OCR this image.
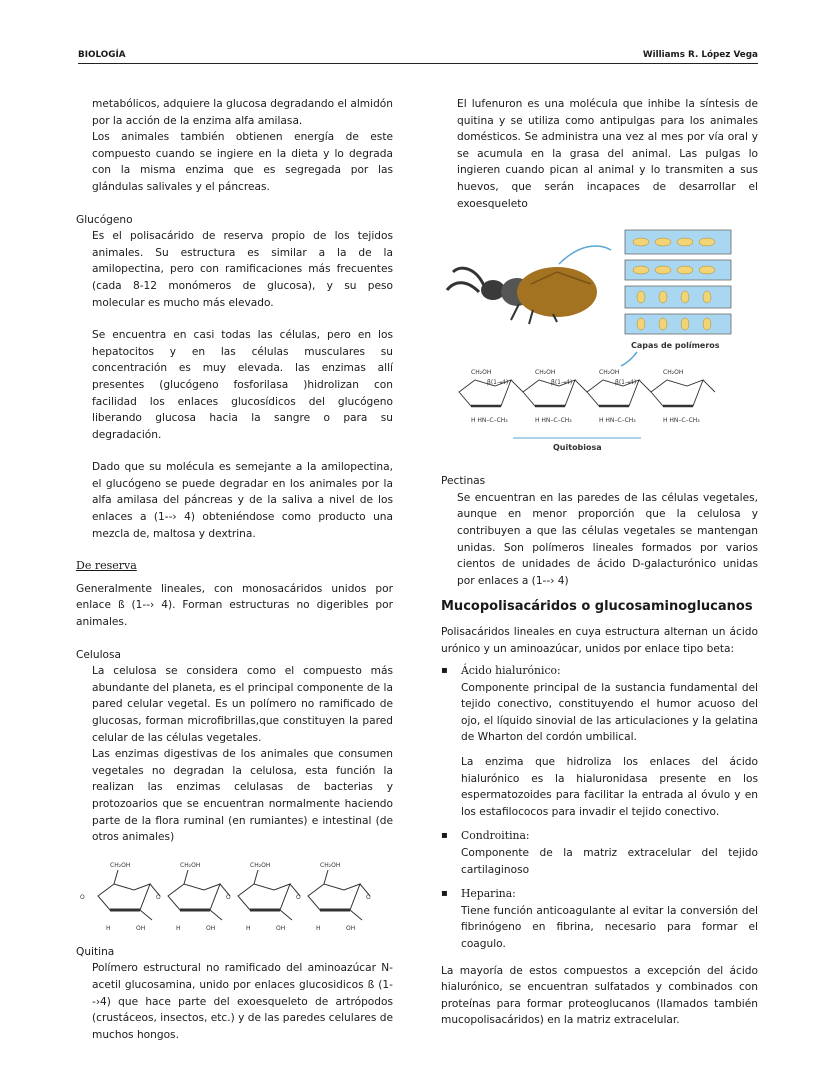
BIOLOGÍA	Williams R. López Vega

metabólicos, adquiere la glucosa degradando el almidón por la acción de la enzima alfa amilasa.

Los animales también obtienen energía de este compuesto cuando se ingiere en la dieta y lo degrada con la misma enzima que es segregada por las glándulas salivales y el páncreas.

Glucógeno

Es el polisacárido de reserva propio de los tejidos animales. Su estructura es similar a la de la amilopectina, pero con ramificaciones más frecuentes (cada 8-12 monómeros de glucosa), y su peso molecular es mucho más elevado.

Se encuentra en casi todas las células, pero en los hepatocitos y en las células musculares su concentración es muy elevada. las enzimas allí presentes (glucógeno fosforilasa )hidrolizan con facilidad los enlaces glucosídicos del glucógeno liberando glucosa hacia la sangre o para su degradación.

Dado que su molécula es semejante a la amilopectina, el glucógeno se puede degradar en los animales por la alfa amilasa del páncreas y de la saliva a nivel de los enlaces a (1--› 4) obteniéndose como producto una mezcla de, maltosa y dextrina.

De reserva

Generalmente lineales, con monosacáridos unidos por enlace ß (1--› 4). Forman estructuras no digeribles por animales.

Celulosa

La celulosa se considera como el compuesto más abundante del planeta, es el principal componente de la pared celular vegetal. Es un polímero no ramificado de glucosas, forman microfibrillas,que constituyen la pared celular de las células vegetales.

Las enzimas digestivas de los animales que consumen vegetales no degradan la celulosa, esta función la realizan las enzimas celulasas de bacterias y protozoarios que se encuentran normalmente haciendo parte de la flora ruminal (en rumiantes) e intestinal (de otros animales)

CH₂OH	CH₂OH	CH₂OH	CH₂OH
O	O	O	O	O
H	OH	H	OH	H	OH	H	OH

Quitina

Polímero estructural no ramificado del aminoazúcar N-acetil glucosamina, unido por enlaces glucosidicos ß (1--›4) que hace parte del exoesqueleto de artrópodos (crustáceos, insectos, etc.) y de las paredes celulares de muchos hongos.

El lufenuron es una molécula que inhibe la síntesis de quitina y se utiliza como antipulgas para los animales domésticos. Se administra una vez al mes por vía oral y se acumula en la grasa del animal. Las pulgas lo ingieren cuando pican al animal y lo transmiten a sus huevos, que serán incapaces de desarrollar el exoesqueleto

Capas de polímeros
CH₂OH	CH₂OH	CH₂OH	CH₂OH
β(1→4)	β(1→4)	β(1→4)
H HN–C–CH₃	H HN–C–CH₃	H HN–C–CH₃	H HN–C–CH₃
Quitobiosa

Pectinas

Se encuentran en las paredes de las células vegetales, aunque en menor proporción que la celulosa y contribuyen a que las células vegetales se mantengan unidas. Son polímeros lineales formados por varios cientos de unidades de ácido D-galacturónico unidas por enlaces a (1--› 4)

Mucopolisacáridos o glucosaminoglucanos

Polisacáridos lineales en cuya estructura alternan un ácido urónico y un aminoazúcar, unidos por enlace tipo beta:

▪ Ácido hialurónico:

Componente principal de la sustancia fundamental del tejido conectivo, constituyendo el humor acuoso del ojo, el líquido sinovial de las articulaciones y la gelatina de Wharton del cordón umbilical.

La enzima que hidroliza los enlaces del ácido hialurónico es la hialuronidasa presente en los espermatozoides para facilitar la entrada al óvulo y en los estafilococos para invadir el tejido conectivo.

▪ Condroitina:

Componente de la matriz extracelular del tejido cartilaginoso

▪ Heparina:

Tiene función anticoagulante al evitar la conversión del fibrinógeno en fibrina, necesario para formar el coagulo.

La mayoría de estos compuestos a excepción del ácido hialurónico, se encuentran sulfatados y combinados con proteínas para formar proteoglucanos (llamados también mucopolisacáridos) en la matriz extracelular.
